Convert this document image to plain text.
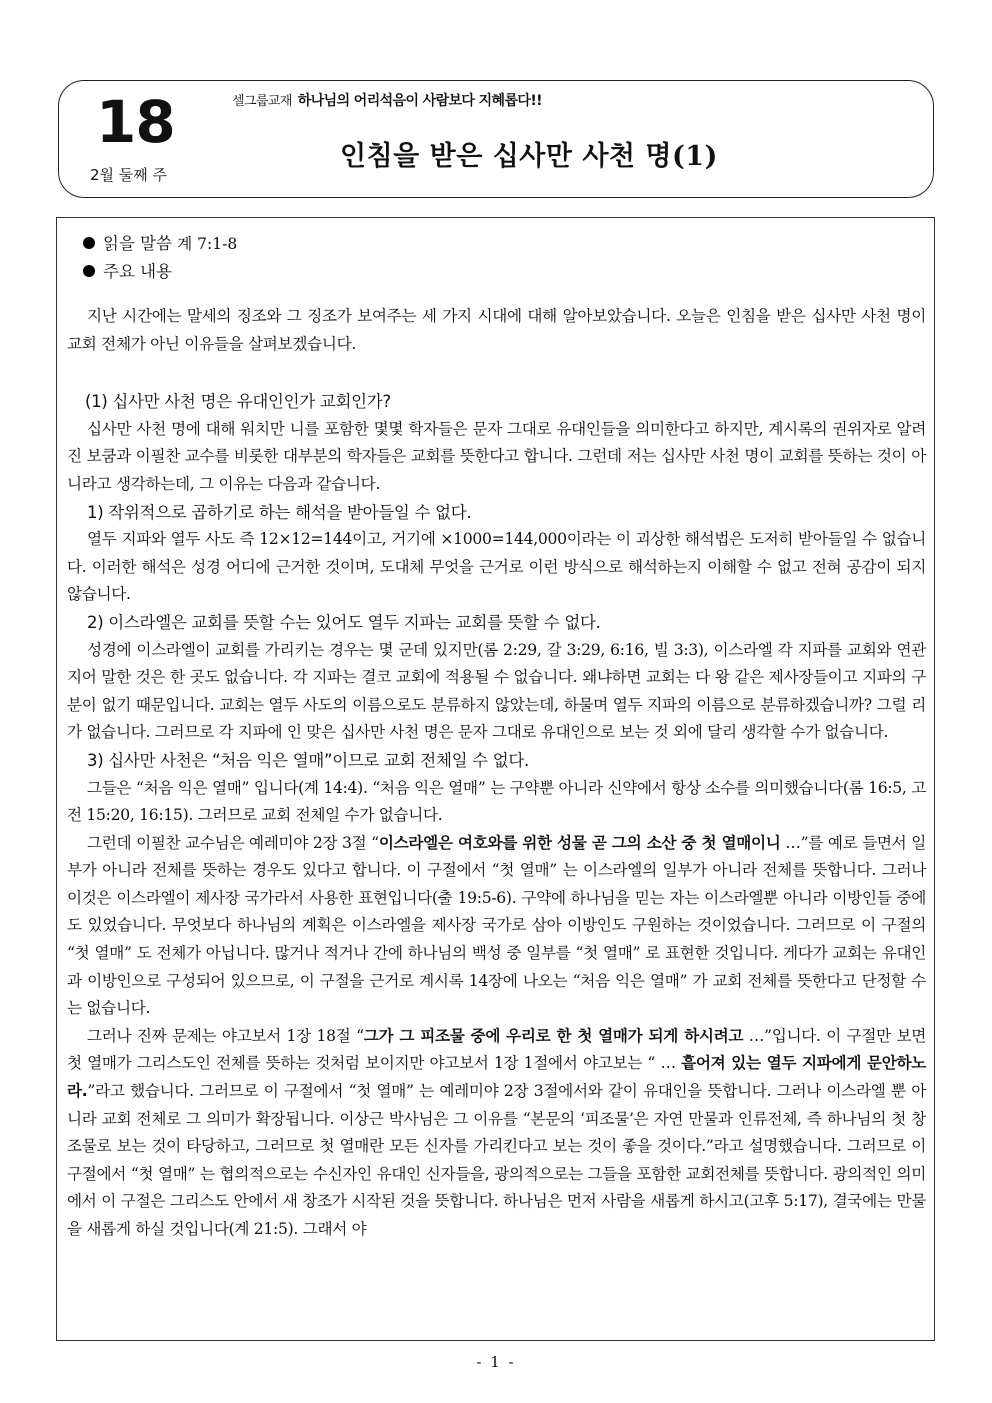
18
2월 둘째 주
셀그룹교재 하나님의 어리석음이 사람보다 지혜롭다!!
인침을 받은 십사만 사천 명(1)
읽을 말씀 계 7:1-8
주요 내용

지난 시간에는 말세의 징조와 그 징조가 보여주는 세 가지 시대에 대해 알아보았습니다. 오늘은 인침을 받은 십사만 사천 명이 교회 전체가 아닌 이유들을 살펴보겠습니다.

(1) 십사만 사천 명은 유대인인가 교회인가?

십사만 사천 명에 대해 워치만 니를 포함한 몇몇 학자들은 문자 그대로 유대인들을 의미한다고 하지만, 계시록의 권위자로 알려진 보쿰과 이필찬 교수를 비롯한 대부분의 학자들은 교회를 뜻한다고 합니다. 그런데 저는 십사만 사천 명이 교회를 뜻하는 것이 아니라고 생각하는데, 그 이유는 다음과 같습니다.

1) 작위적으로 곱하기로 하는 해석을 받아들일 수 없다.

열두 지파와 열두 사도 즉 12×12=144이고, 거기에 ×1000=144,000이라는 이 괴상한 해석법은 도저히 받아들일 수 없습니다. 이러한 해석은 성경 어디에 근거한 것이며, 도대체 무엇을 근거로 이런 방식으로 해석하는지 이해할 수 없고 전혀 공감이 되지 않습니다.

2) 이스라엘은 교회를 뜻할 수는 있어도 열두 지파는 교회를 뜻할 수 없다.

성경에 이스라엘이 교회를 가리키는 경우는 몇 군데 있지만(롬 2:29, 갈 3:29, 6:16, 빌 3:3), 이스라엘 각 지파를 교회와 연관 지어 말한 것은 한 곳도 없습니다. 각 지파는 결코 교회에 적용될 수 없습니다. 왜냐하면 교회는 다 왕 같은 제사장들이고 지파의 구분이 없기 때문입니다. 교회는 열두 사도의 이름으로도 분류하지 않았는데, 하물며 열두 지파의 이름으로 분류하겠습니까? 그럴 리가 없습니다. 그러므로 각 지파에 인 맞은 십사만 사천 명은 문자 그대로 유대인으로 보는 것 외에 달리 생각할 수가 없습니다.

3) 십사만 사천은 “처음 익은 열매”이므로 교회 전체일 수 없다.

그들은 “처음 익은 열매” 입니다(계 14:4). “처음 익은 열매” 는 구약뿐 아니라 신약에서 항상 소수를 의미했습니다(롬 16:5, 고전 15:20, 16:15). 그러므로 교회 전체일 수가 없습니다.

그런데 이필찬 교수님은 예레미야 2장 3절 “이스라엘은 여호와를 위한 성물 곧 그의 소산 중 첫 열매이니 …”를 예로 들면서 일부가 아니라 전체를 뜻하는 경우도 있다고 합니다. 이 구절에서 “첫 열매” 는 이스라엘의 일부가 아니라 전체를 뜻합니다. 그러나 이것은 이스라엘이 제사장 국가라서 사용한 표현입니다(출 19:5-6). 구약에 하나님을 믿는 자는 이스라엘뿐 아니라 이방인들 중에도 있었습니다. 무엇보다 하나님의 계획은 이스라엘을 제사장 국가로 삼아 이방인도 구원하는 것이었습니다. 그러므로 이 구절의 “첫 열매” 도 전체가 아닙니다. 많거나 적거나 간에 하나님의 백성 중 일부를 “첫 열매” 로 표현한 것입니다. 게다가 교회는 유대인과 이방인으로 구성되어 있으므로, 이 구절을 근거로 계시록 14장에 나오는 “처음 익은 열매” 가 교회 전체를 뜻한다고 단정할 수는 없습니다.

그러나 진짜 문제는 야고보서 1장 18절 “그가 그 피조물 중에 우리로 한 첫 열매가 되게 하시려고 …”입니다. 이 구절만 보면 첫 열매가 그리스도인 전체를 뜻하는 것처럼 보이지만 야고보서 1장 1절에서 야고보는 “ … 흩어져 있는 열두 지파에게 문안하노라.”라고 했습니다. 그러므로 이 구절에서 “첫 열매” 는 예레미야 2장 3절에서와 같이 유대인을 뜻합니다. 그러나 이스라엘 뿐 아니라 교회 전체로 그 의미가 확장됩니다. 이상근 박사님은 그 이유를 “본문의 ‘피조물’은 자연 만물과 인류전체, 즉 하나님의 첫 창조물로 보는 것이 타당하고, 그러므로 첫 열매란 모든 신자를 가리킨다고 보는 것이 좋을 것이다.”라고 설명했습니다. 그러므로 이 구절에서 “첫 열매” 는 협의적으로는 수신자인 유대인 신자들을, 광의적으로는 그들을 포함한 교회전체를 뜻합니다. 광의적인 의미에서 이 구절은 그리스도 안에서 새 창조가 시작된 것을 뜻합니다. 하나님은 먼저 사람을 새롭게 하시고(고후 5:17), 결국에는 만물을 새롭게 하실 것입니다(계 21:5). 그래서 야

- 1 -
